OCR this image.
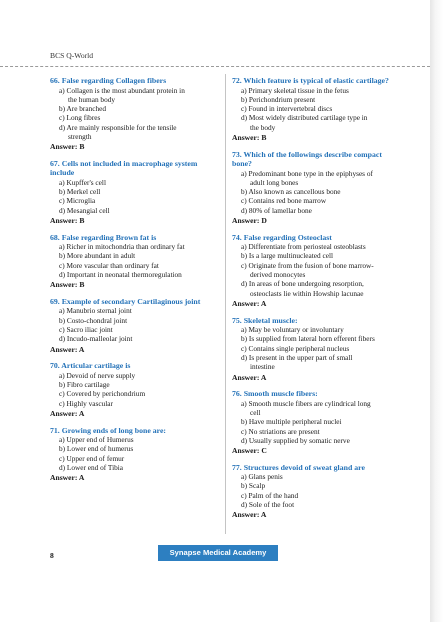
BCS Q-World
66. False regarding Collagen fibers
a) Collagen is the most abundant protein in
the human body
b) Are branched
c) Long fibres
d) Are mainly responsible for the tensile
strength
Answer: B
67. Cells not included in macrophage system include
a) Kupffer's cell
b) Merkel cell
c) Microglia
d) Mesangial cell
Answer: B
68. False regarding Brown fat is
a) Richer in mitochondria than ordinary fat
b) More abundant in adult
c) More vascular than ordinary fat
d) Important in neonatal thermoregulation
Answer: B
69. Example of secondary Cartilaginous joint
a) Manubrio sternal joint
b) Costo-chondral joint
c) Sacro iliac joint
d) Incudo-malleolar joint
Answer: A
70. Articular cartilage is
a) Devoid of nerve supply
b) Fibro cartilage
c) Covered by perichondrium
c) Highly vascular
Answer: A
71. Growing ends of long bone are:
a) Upper end of Humerus
b) Lower end of humerus
c) Upper end of femur
d) Lower end of Tibia
Answer: A
72. Which feature is typical of elastic cartilage?
a) Primary skeletal tissue in the fetus
b) Perichondrium present
c) Found in intervertebral discs
d) Most widely distributed cartilage type in
the body
Answer: B
73. Which of the followings describe compact bone?
a) Predominant bone type in the epiphyses of
adult long bones
b) Also known as cancellous bone
c) Contains red bone marrow
d) 80% of lamellar bone
Answer: D
74. False regarding Osteoclast
a) Differentiate from periosteal osteoblasts
b) Is a large multinucleated cell
c) Originate from the fusion of bone marrow-
derived monocytes
d) In areas of bone undergoing resorption,
osteoclasts lie within Howship lacunae
Answer: A
75. Skeletal muscle:
a) May be voluntary or involuntary
b) Is supplied from lateral horn efferent fibers
c) Contains single peripheral nucleus
d) Is present in the upper part of small
intestine
Answer: A
76. Smooth muscle fibers:
a) Smooth muscle fibers are cylindrical long
cell
b) Have multiple peripheral nuclei
c) No striations are present
d) Usually supplied by somatic nerve
Answer: C
77. Structures devoid of sweat gland are
a) Glans penis
b) Scalp
c) Palm of the hand
d) Sole of the foot
Answer: A
8	Synapse Medical Academy
